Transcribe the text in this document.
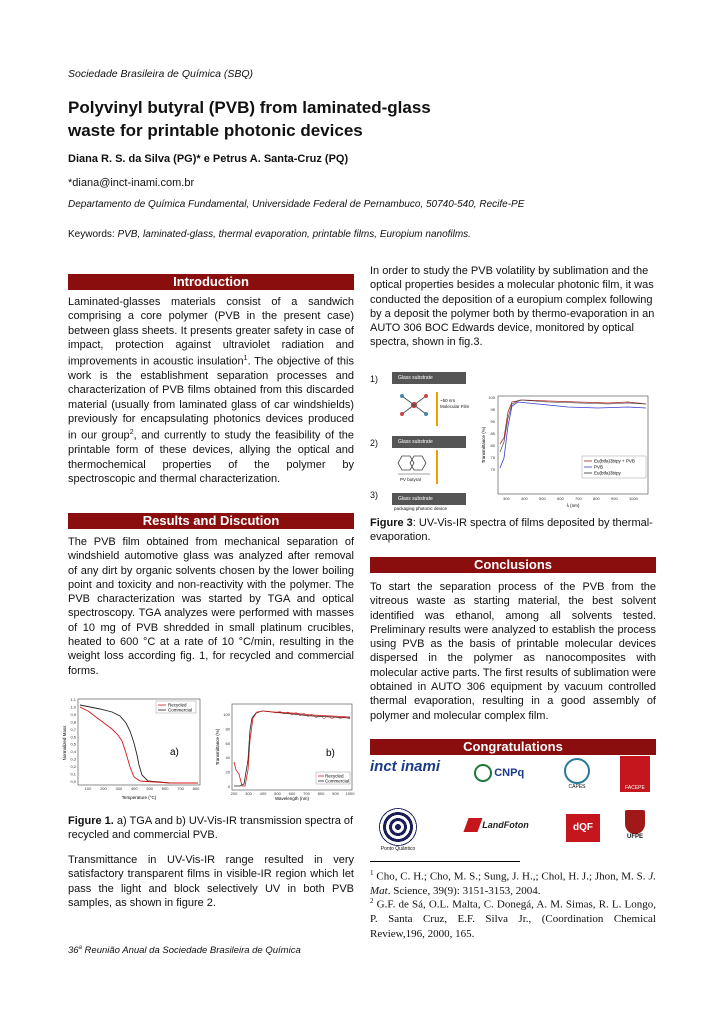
Sociedade Brasileira de Química (SBQ)
Polyvinyl butyral (PVB) from laminated-glass
waste for printable photonic devices
Diana R. S. da Silva (PG)* e Petrus A. Santa-Cruz (PQ)
*diana@inct-inami.com.br
Departamento de Química Fundamental, Universidade Federal de Pernambuco, 50740-540, Recife-PE
Keywords: PVB, laminated-glass, thermal evaporation, printable films, Europium nanofilms.
Introduction
Laminated-glasses materials consist of a sandwich comprising a core polymer (PVB in the present case) between glass sheets. It presents greater safety in case of impact, protection against ultraviolet radiation and improvements in acoustic insulation$^1$. The objective of this work is the establishment separation processes and characterization of PVB films obtained from this discarded material (usually from laminated glass of car windshields) previously for encapsulating photonics devices produced in our group$^2$, and currently to study the feasibility of the printable form of these devices, allying the optical and thermochemical properties of the polymer by spectroscopic and thermal characterization.
Results and Discution
The PVB film obtained from mechanical separation of windshield automotive glass was analyzed after removal of any dirt by organic solvents chosen by the lower boiling point and toxicity and non-reactivity with the polymer. The PVB characterization was started by TGA and optical spectroscopy. TGA analyzes were performed with masses of 10 mg of PVB shredded in small platinum crucibles, heated to 600 °C at a rate of 10 °C/min, resulting in the weight loss according fig. 1, for recycled and commercial forms.
1,1
1,0
0,9
0,8
0,7
0,6
0,5
0,4
0,3
0,2
0,1
0,0
100 200 300 400 500 600 700 800
Recycled
Commercial
a)
Temperature (°C)
Normalized Mass
100
80
60
40
20
0
200 300 400 500 600 700 800 900 1000
Recycled
Commercial
b)
Wavelength (nm)
Transmittance (%)
Figure 1. a) TGA and b) UV-Vis-IR transmission spectra of recycled and commercial PVB.
Transmittance in UV-Vis-IR range resulted in very satisfactory transparent films in visible-IR region which let pass the light and block selectively UV in both PVB samples, as shown in figure 2.
In order to study the PVB volatility by sublimation and the optical properties besides a molecular photonic film, it was conducted the deposition of a europium complex following by a deposit the polymer both by thermo-evaporation in an AUTO 306 BOC Edwards device, monitored by optical spectra, shown in fig.3.
1)	Glass substrate
~50 nm
Molecular Film
2)	Glass substrate
PV butyral
3)	Glass substrate
packaging photonic device
100
95
90
85
80
75
70
300	400	500	600	700	800	900	1000
Eu(btfa)3bipy + PVB
PVB
Eu(btfa)3bipy
λ (nm)
Transmittance (%)
Figure 3: UV-Vis-IR spectra of films deposited by thermal-evaporation.
Conclusions
To start the separation process of the PVB from the vitreous waste as starting material, the best solvent identified was ethanol, among all solvents tested. Preliminary results were analyzed to establish the process using PVB as the basis of printable molecular devices dispersed in the polymer as nanocomposites with molecular active parts. The first results of sublimation were obtained in AUTO 306 equipment by vacuum controlled thermal evaporation, resulting in a good assembly of polymer and molecular complex film.
Congratulations
inct inami	CNPq
CAPES	FACEPE
Ponto Quântico
LandFoton	dQF
UFPE
$^1$ Cho, C. H.; Cho, M. S.; Sung, J. H.,; Chol, H. J.; Jhon, M. S. J. Mat. Science, 39(9): 3151-3153, 2004.
$^2$ G.F. de Sá, O.L. Malta, C. Donegá, A. M. Simas, R. L. Longo, P. Santa Cruz, E.F. Silva Jr., (Coordination Chemical Review,196, 2000, 165.
36$^a$ Reunião Anual da Sociedade Brasileira de Química
